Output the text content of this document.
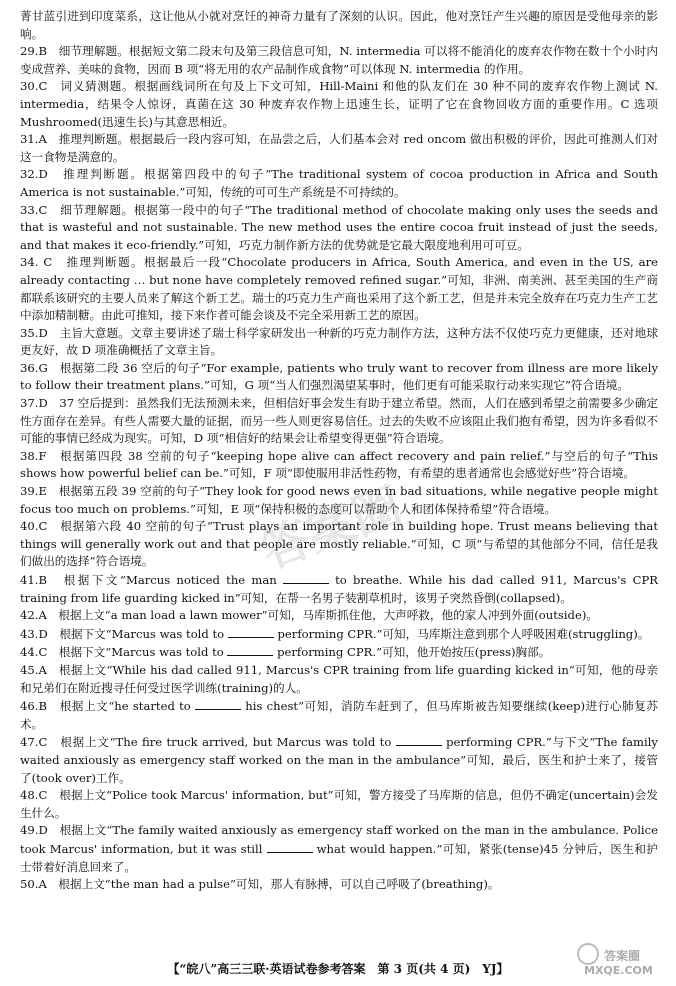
菁甘蓝引进到印度菜系，这让他从小就对烹饪的神奇力量有了深刻的认识。因此，他对烹饪产生兴趣的原因是受他母亲的影响。

29.B　 细节理解题。根据短文第二段末句及第三段信息可知，N. intermedia 可以将不能消化的废弃农作物在数十个小时内变成营养、美味的食物，因而 B 项“将无用的农产品制作成食物”可以体现 N. intermedia 的作用。

30.C　 词义猜测题。根据画线词所在句及上下文可知，Hill-Maini 和他的队友们在 30 种不同的废弃农作物上测试 N. intermedia，结果令人惊讶，真菌在这 30 种废弃农作物上迅速生长，证明了它在食物回收方面的重要作用。C 选项 Mushroomed(迅速生长)与其意思相近。

31.A　 推理判断题。根据最后一段内容可知，在品尝之后，人们基本会对 red oncom 做出积极的评价，因此可推测人们对这一食物是满意的。

32.D　 推理判断题。根据第四段中的句子“The traditional system of cocoa production in Africa and South America is not sustainable.”可知，传统的可可生产系统是不可持续的。

33.C　 细节理解题。根据第一段中的句子“The traditional method of chocolate making only uses the seeds and that is wasteful and not sustainable. The new method uses the entire cocoa fruit instead of just the seeds, and that makes it eco-friendly.”可知，巧克力制作新方法的优势就是它最大限度地利用可可豆。

34. C　 推理判断题。根据最后一段“Chocolate producers in Africa, South America, and even in the US, are already contacting … but none have completely removed refined sugar.”可知，非洲、南美洲、甚至美国的生产商都联系该研究的主要人员来了解这个新工艺。瑞士的巧克力生产商也采用了这个新工艺，但是并未完全放弃在巧克力生产工艺中添加精制糖。由此可推知，接下来作者可能会谈及不完全采用新工艺的原因。

35.D　 主旨大意题。文章主要讲述了瑞士科学家研发出一种新的巧克力制作方法，这种方法不仅使巧克力更健康，还对地球更友好，故 D 项准确概括了文章主旨。

36.G　 根据第二段 36 空后的句子“For example, patients who truly want to recover from illness are more likely to follow their treatment plans.”可知，G 项“当人们强烈渴望某事时，他们更有可能采取行动来实现它”符合语境。

37.D　 37 空后提到：虽然我们无法预测未来，但相信好事会发生有助于建立希望。然而，人们在感到希望之前需要多少确定性方面存在差异。有些人需要大量的证据，而另一些人则更容易信任。过去的失败不应该阻止我们抱有希望，因为许多看似不可能的事情已经成为现实。可知，D 项“相信好的结果会让希望变得更强”符合语境。

38.F　 根据第四段 38 空前的句子“keeping hope alive can affect recovery and pain relief.”与空后的句子“This shows how powerful belief can be.”可知，F 项“即使服用非活性药物，有希望的患者通常也会感觉好些”符合语境。

39.E　 根据第五段 39 空前的句子“They look for good news even in bad situations, while negative people might focus too much on problems.”可知，E 项“保持积极的态度可以帮助个人和团体保持希望”符合语境。

40.C　 根据第六段 40 空前的句子“Trust plays an important role in building hope. Trust means believing that things will generally work out and that people are mostly reliable.”可知，C 项“与希望的其他部分不同，信任是我们做出的选择”符合语境。

41.B　 根据下文“Marcus noticed the man	to breathe. While his dad called 911, Marcus's CPR training from life guarding kicked in”可知，在帮一名男子装割草机时，该男子突然昏倒(collapsed)。

42.A　 根据上文“a man load a lawn mower”可知，马库斯抓住他，大声呼救，他的家人冲到外面(outside)。

43.D　 根据下文“Marcus was told to	performing CPR.”可知，马库斯注意到那个人呼吸困难(struggling)。

44.C　 根据下文“Marcus was told to	performing CPR.”可知，他开始按压(press)胸部。

45.A　 根据上文“While his dad called 911, Marcus's CPR training from life guarding kicked in”可知，他的母亲和兄弟们在附近搜寻任何受过医学训练(training)的人。

46.B　 根据上文“he started to	his chest”可知，消防车赶到了，但马库斯被告知要继续(keep)进行心肺复苏术。

47.C　 根据上文“The fire truck arrived, but Marcus was told to	performing CPR.”与下文“The family waited anxiously as emergency staff worked on the man in the ambulance”可知，最后，医生和护士来了，接管了(took over)工作。

48.C　 根据上文“Police took Marcus' information, but”可知，警方接受了马库斯的信息，但仍不确定(uncertain)会发生什么。

49.D　 根据上文“The family waited anxiously as emergency staff worked on the man in the ambulance. Police took Marcus' information, but it was still	what would happen.”可知，紧张(tense)45 分钟后，医生和护士带着好消息回来了。

50.A　 根据上文“the man had a pulse”可知，那人有脉搏，可以自己呼吸了(breathing)。

答案圈
【“皖八”高三三联·英语试卷参考答案　第 3 页(共 4 页)　YJ】
答案圈
MXQE.COM
